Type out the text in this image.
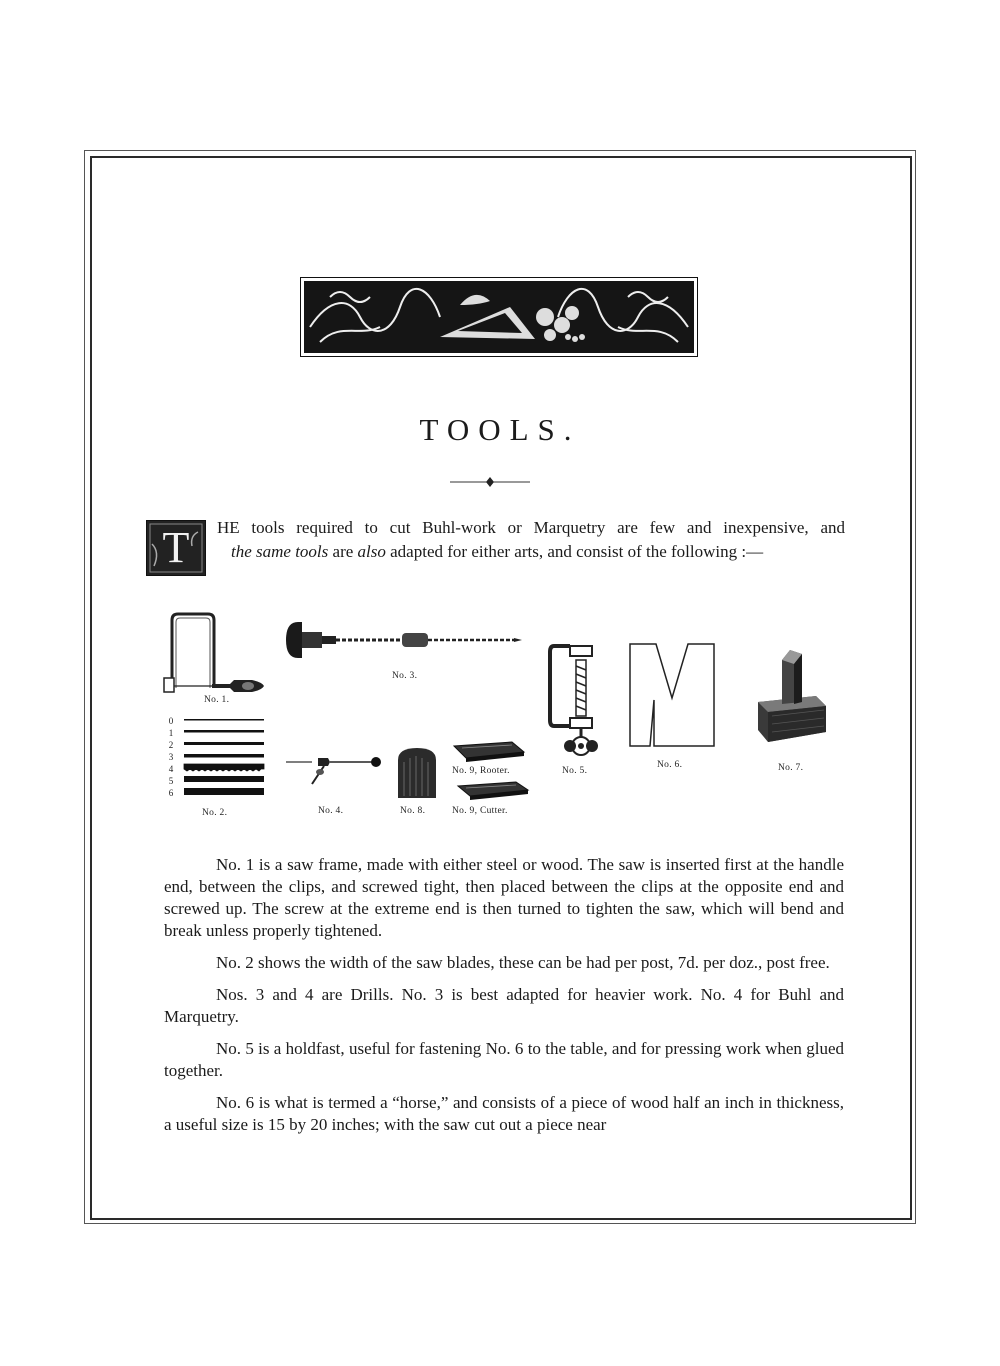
TOOLS.
T	HE tools required to cut Buhl-work or Marquetry are few and inexpensive, and
the same tools are also adapted for either arts, and consist of the following :—
No. 1.
0
1
2
3
4
5
6
No. 2.
No. 3.
No. 4.	No. 8.
No. 9, Rooter.
No. 9, Cutter.
No. 5.
No. 6.	No. 7.

No. 1 is a saw frame, made with either steel or wood. The saw is inserted first at the handle end, between the clips, and screwed tight, then placed between the clips at the opposite end and screwed up. The screw at the extreme end is then turned to tighten the saw, which will bend and break unless properly tightened.

No. 2 shows the width of the saw blades, these can be had per post, 7d. per doz., post free.

Nos. 3 and 4 are Drills. No. 3 is best adapted for heavier work. No. 4 for Buhl and Marquetry.

No. 5 is a holdfast, useful for fastening No. 6 to the table, and for pressing work when glued together.

No. 6 is what is termed a “horse,” and consists of a piece of wood half an inch in thickness, a useful size is 15 by 20 inches; with the saw cut out a piece near
